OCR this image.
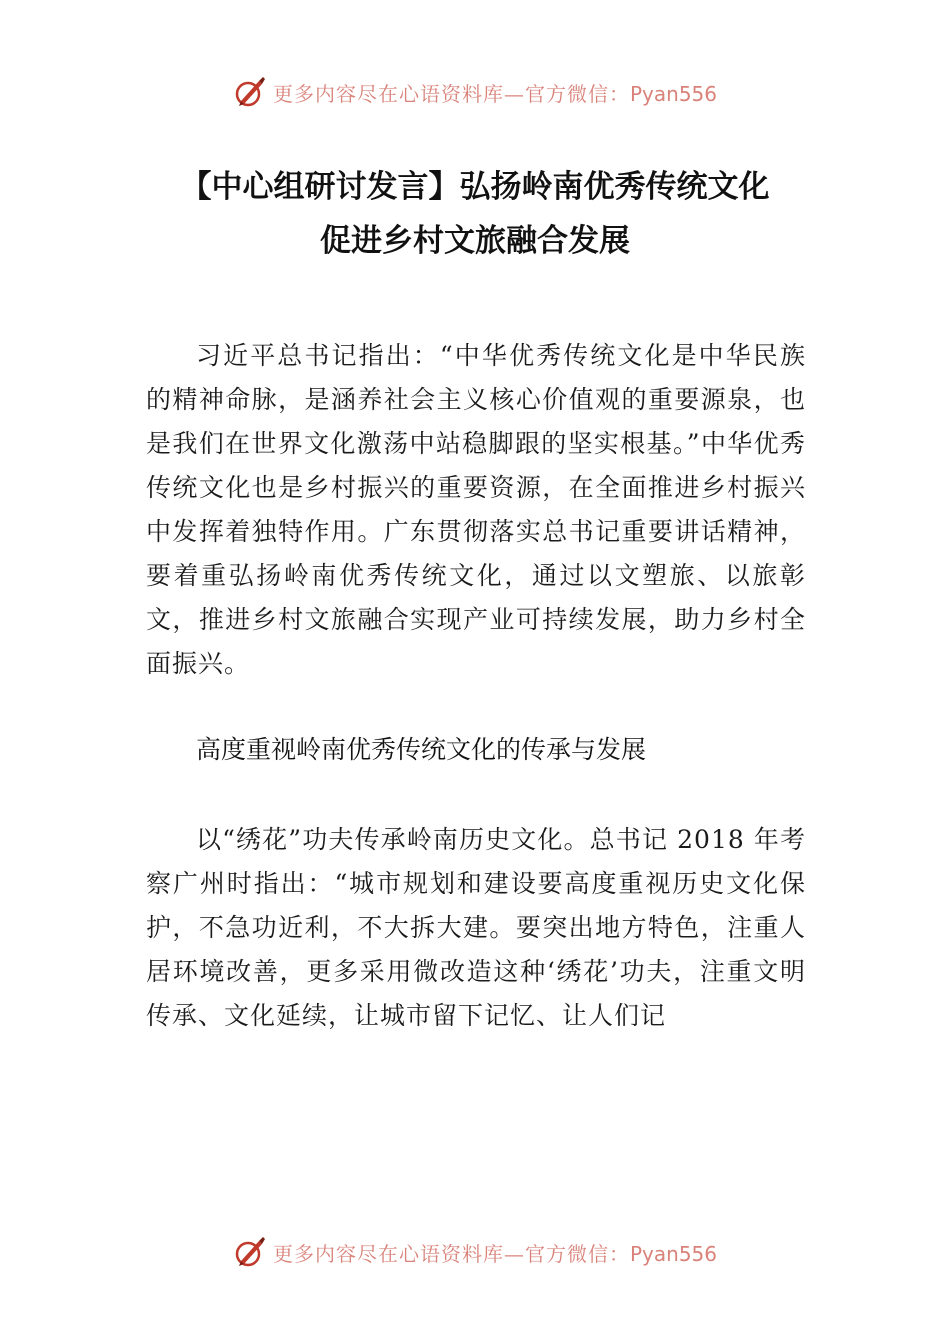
更多内容尽在心语资料库—官方微信：Pyan556
【中心组研讨发言】弘扬岭南优秀传统文化
促进乡村文旅融合发展

习近平总书记指出：“中华优秀传统文化是中华民族的精神命脉，是涵养社会主义核心价值观的重要源泉，也是我们在世界文化激荡中站稳脚跟的坚实根基。”中华优秀传统文化也是乡村振兴的重要资源，在全面推进乡村振兴中发挥着独特作用。广东贯彻落实总书记重要讲话精神，要着重弘扬岭南优秀传统文化，通过以文塑旅、以旅彰文，推进乡村文旅融合实现产业可持续发展，助力乡村全面振兴。

高度重视岭南优秀传统文化的传承与发展

以“绣花”功夫传承岭南历史文化。总书记 2018 年考察广州时指出：“城市规划和建设要高度重视历史文化保护，不急功近利，不大拆大建。要突出地方特色，注重人居环境改善，更多采用微改造这种‘绣花’功夫，注重文明传承、文化延续，让城市留下记忆、让人们记

更多内容尽在心语资料库—官方微信：Pyan556
